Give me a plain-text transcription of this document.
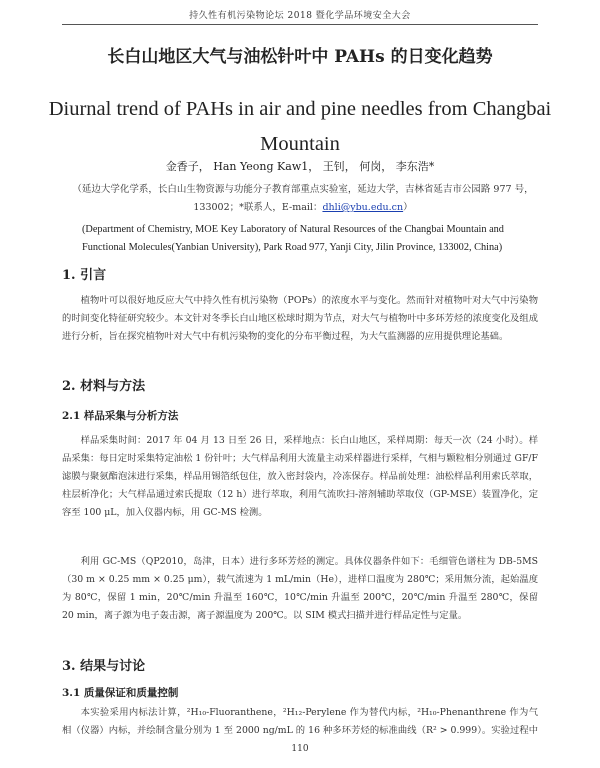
持久性有机污染物论坛 2018 暨化学品环境安全大会
长白山地区大气与油松针叶中 PAHs 的日变化趋势
Diurnal trend of PAHs in air and pine needles from Changbai Mountain
金香子， Han Yeong Kaw1， 王钊， 何岗， 李东浩*
（延边大学化学系，长白山生物资源与功能分子教育部重点实验室，延边大学，吉林省延吉市公园路 977 号，133002；*联系人，E-mail：dhli@ybu.edu.cn）
(Department of Chemistry, MOE Key Laboratory of Natural Resources of the Changbai Mountain and Functional Molecules(Yanbian University), Park Road 977, Yanji City, Jilin Province, 133002, China)
1. 引言
植物叶可以很好地反应大气中持久性有机污染物（POPs）的浓度水平与变化。然而针对植物叶对大气中污染物的时间变化特征研究较少。本文针对冬季长白山地区松球时期为节点，对大气与植物叶中多环芳烃的浓度变化及组成进行分析，旨在探究植物叶对大气中有机污染物的变化的分布平衡过程，为大气监测器的应用提供理论基础。
2. 材料与方法
2.1 样品采集与分析方法
样品采集时间：2017 年 04 月 13 日至 26 日，采样地点：长白山地区，采样周期：每天一次（24 小时）。样品采集：每日定时采集特定油松 1 份针叶；大气样品利用大流量主动采样器进行采样，气相与颗粒相分别通过 GF/F 滤膜与聚氨酯泡沫进行采集，样品用锡箔纸包住，放入密封袋内，冷冻保存。样品前处理：油松样品利用索氏萃取，柱层析净化；大气样品通过索氏提取（12 h）进行萃取，利用气流吹扫-溶剂辅助萃取仪（GP-MSE）装置净化，定容至 100 μL，加入仪器内标，用 GC-MS 检测。
利用 GC-MS（QP2010，岛津，日本）进行多环芳烃的测定。具体仪器条件如下：毛细管色谱柱为 DB-5MS（30 m × 0.25 mm × 0.25 μm），载气流速为 1 mL/min（He），进样口温度为 280℃；采用無分流，起始温度为 80℃，保留 1 min，20℃/min 升温至 160℃，10℃/min 升温至 200℃，20℃/min 升温至 280℃，保留 20 min，离子源为电子轰击源，离子源温度为 200℃。以 SIM 模式扫描并进行样品定性与定量。
3. 结果与讨论
3.1 质量保证和质量控制
本实验采用内标法计算，²H₁₀-Fluoranthene，²H₁₂-Perylene 作为替代内标，²H₁₀-Phenanthrene 作为气相（仪器）内标，并绘制含量分别为 1 至 2000 ng/mL 的 16 种多环芳烃的标准曲线（R² > 0.999）。实验过程中
110
